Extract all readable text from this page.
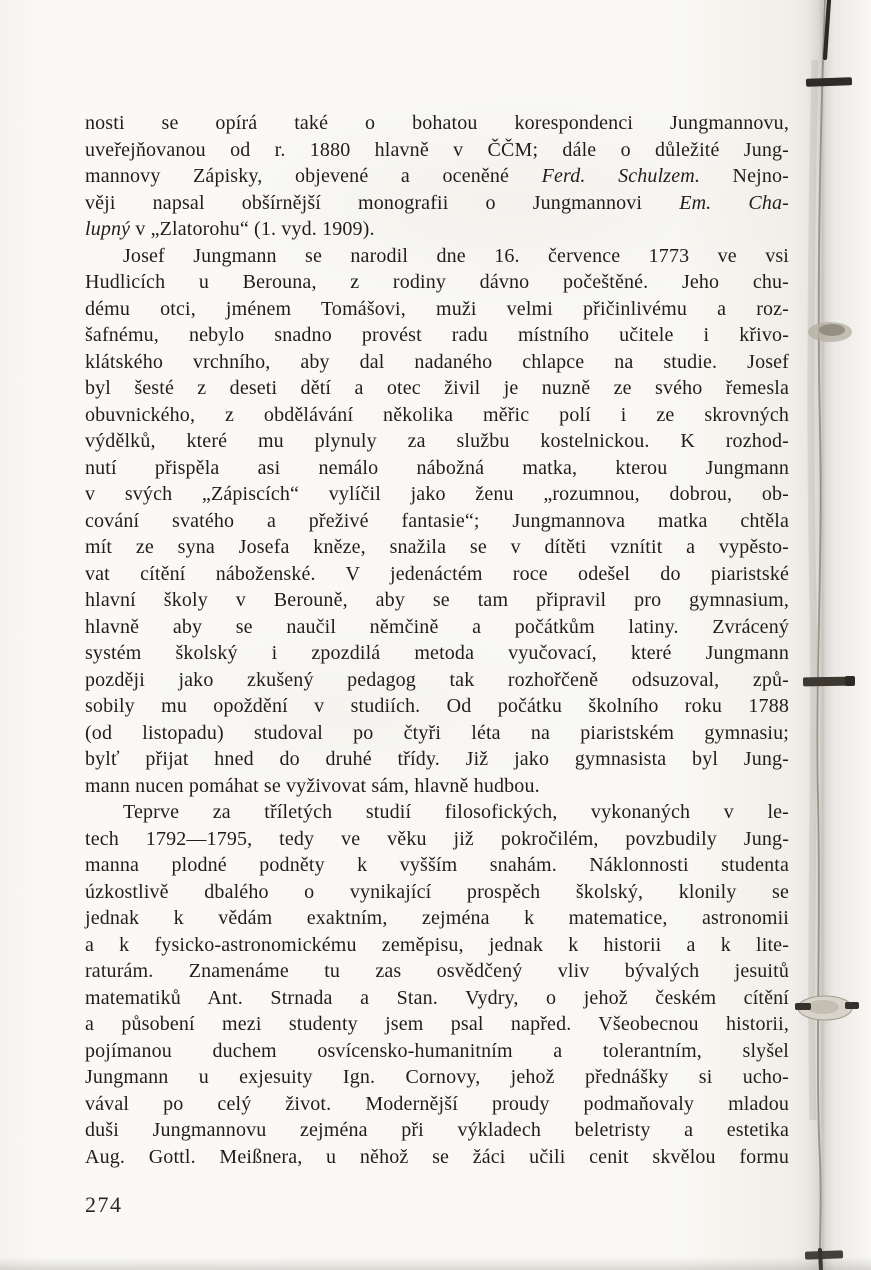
nosti se opírá také o bohatou korespondenci Jungmannovu,
uveřejňovanou od r. 1880 hlavně v ČČM; dále o důležité Jung-
mannovy Zápisky, objevené a oceněné Ferd. Schulzem. Nejno-
věji napsal obšírnější monografii o Jungmannovi Em. Cha-
lupný v „Zlatorohu“ (1. vyd. 1909).
Josef Jungmann se narodil dne 16. července 1773 ve vsi
Hudlicích u Berouna, z rodiny dávno počeštěné. Jeho chu-
dému otci, jménem Tomášovi, muži velmi přičinlivému a roz-
šafnému, nebylo snadno provést radu místního učitele i křivo-
klátského vrchního, aby dal nadaného chlapce na studie. Josef
byl šesté z deseti dětí a otec živil je nuzně ze svého řemesla
obuvnického, z obdělávání několika měřic polí i ze skrovných
výdělků, které mu plynuly za službu kostelnickou. K rozhod-
nutí přispěla asi nemálo nábožná matka, kterou Jungmann
v svých „Zápiscích“ vylíčil jako ženu „rozumnou, dobrou, ob-
cování svatého a přeživé fantasie“; Jungmannova matka chtěla
mít ze syna Josefa kněze, snažila se v dítěti vznítit a vypěsto-
vat cítění náboženské. V jedenáctém roce odešel do piaristské
hlavní školy v Berouně, aby se tam připravil pro gymnasium,
hlavně aby se naučil němčině a počátkům latiny. Zvrácený
systém školský i zpozdilá metoda vyučovací, které Jungmann
později jako zkušený pedagog tak rozhořčeně odsuzoval, způ-
sobily mu opoždění v studiích. Od počátku školního roku 1788
(od listopadu) studoval po čtyři léta na piaristském gymnasiu;
bylť přijat hned do druhé třídy. Již jako gymnasista byl Jung-
mann nucen pomáhat se vyživovat sám, hlavně hudbou.
Teprve za tříletých studií filosofických, vykonaných v le-
tech 1792—1795, tedy ve věku již pokročilém, povzbudily Jung-
manna plodné podněty k vyšším snahám. Náklonnosti studenta
úzkostlivě dbalého o vynikající prospěch školský, klonily se
jednak k vědám exaktním, zejména k matematice, astronomii
a k fysicko-astronomickému zeměpisu, jednak k historii a k lite-
raturám. Znamenáme tu zas osvědčený vliv bývalých jesuitů
matematiků Ant. Strnada a Stan. Vydry, o jehož českém cítění
a působení mezi studenty jsem psal napřed. Všeobecnou historii,
pojímanou duchem osvícensko-humanitním a tolerantním, slyšel
Jungmann u exjesuity Ign. Cornovy, jehož přednášky si ucho-
vával po celý život. Modernější proudy podmaňovaly mladou
duši Jungmannovu zejména při výkladech beletristy a estetika
Aug. Gottl. Meißnera, u něhož se žáci učili cenit skvělou formu
274
